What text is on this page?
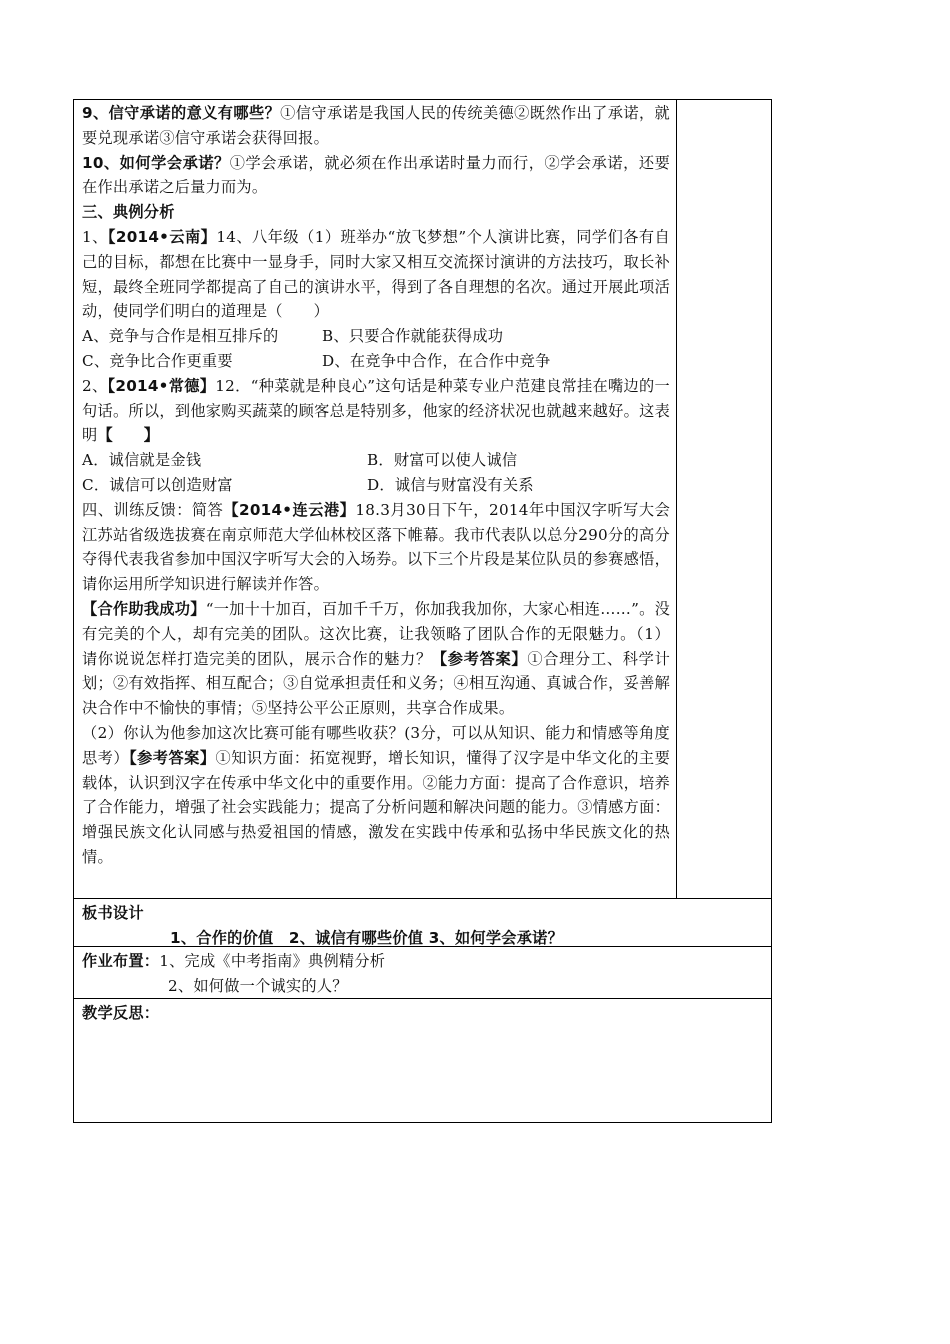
9、信守承诺的意义有哪些？①信守承诺是我国人民的传统美德②既然作出了承诺，就要兑现承诺③信守承诺会获得回报。

10、如何学会承诺？①学会承诺，就必须在作出承诺时量力而行，②学会承诺，还要在作出承诺之后量力而为。

三、典例分析

1、【2014•云南】14、八年级（1）班举办“放飞梦想”个人演讲比赛，同学们各有自己的目标，都想在比赛中一显身手，同时大家又相互交流探讨演讲的方法技巧，取长补短，最终全班同学都提高了自己的演讲水平，得到了各自理想的名次。通过开展此项活动，使同学们明白的道理是（　　）

A、竞争与合作是相互排斥的	B、只要合作就能获得成功

C、竞争比合作更重要	D、在竞争中合作，在合作中竞争

2、【2014•常德】12．“种菜就是种良心”这句话是种菜专业户范建良常挂在嘴边的一句话。所以，到他家购买蔬菜的顾客总是特别多，他家的经济状况也就越来越好。这表明【　　】

A．诚信就是金钱	B．财富可以使人诚信

C．诚信可以创造财富	D．诚信与财富没有关系

四、训练反馈：简答【2014•连云港】18.3月30日下午，2014年中国汉字听写大会江苏站省级选拔赛在南京师范大学仙林校区落下帷幕。我市代表队以总分290分的高分夺得代表我省参加中国汉字听写大会的入场券。以下三个片段是某位队员的参赛感悟，请你运用所学知识进行解读并作答。

【合作助我成功】“一加十十加百，百加千千万，你加我我加你，大家心相连……”。没有完美的个人，却有完美的团队。这次比赛，让我领略了团队合作的无限魅力。（1）请你说说怎样打造完美的团队，展示合作的魅力？【参考答案】①合理分工、科学计划；②有效指挥、相互配合；③自觉承担责任和义务；④相互沟通、真诚合作，妥善解决合作中不愉快的事情；⑤坚持公平公正原则，共享合作成果。

（2）你认为他参加这次比赛可能有哪些收获？(3分，可以从知识、能力和情感等角度思考）【参考答案】①知识方面：拓宽视野，增长知识，懂得了汉字是中华文化的主要载体，认识到汉字在传承中华文化中的重要作用。②能力方面：提高了合作意识，培养了合作能力，增强了社会实践能力；提高了分析问题和解决问题的能力。③情感方面：增强民族文化认同感与热爱祖国的情感，激发在实践中传承和弘扬中华民族文化的热情。

板书设计

1、合作的价值　2、诚信有哪些价值 3、如何学会承诺？

作业布置：1、完成《中考指南》典例精分析

2、如何做一个诚实的人？

教学反思：
